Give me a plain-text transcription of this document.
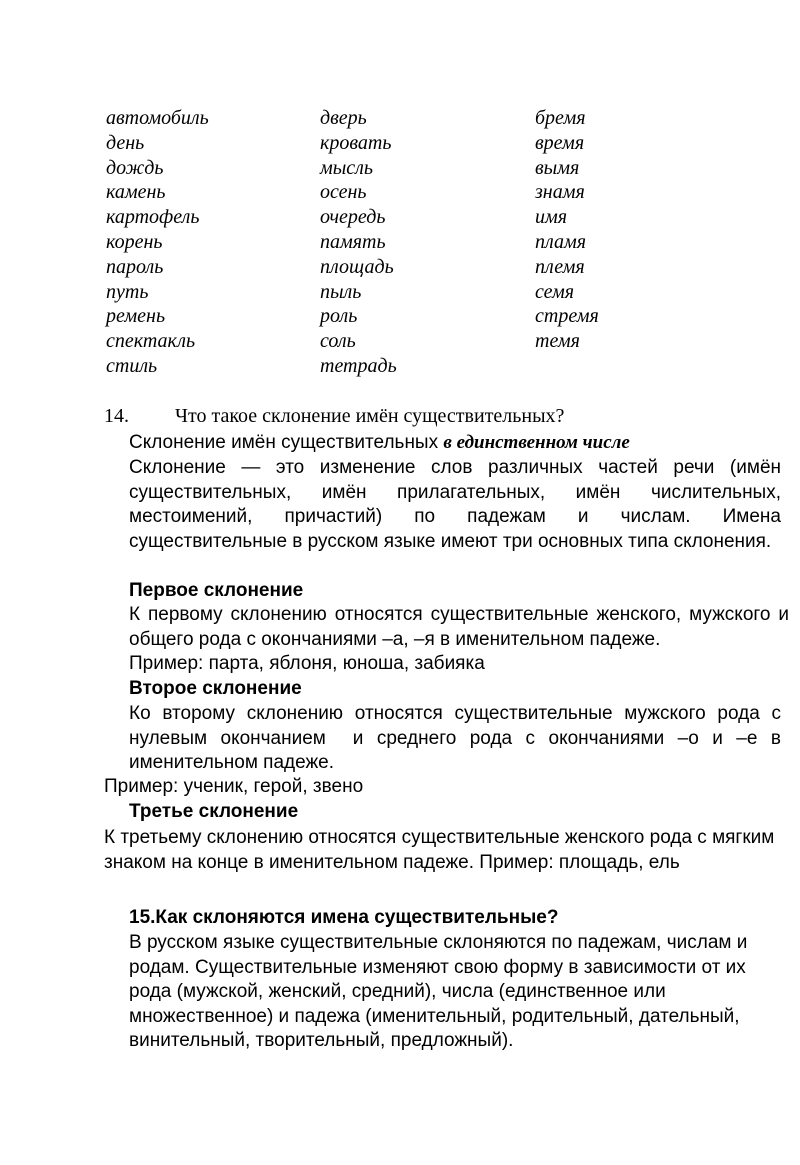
автомобиль
день
дождь
камень
картофель
корень
пароль
путь
ремень
спектакль
стиль
дверь
кровать
мысль
осень
очередь
память
площадь
пыль
роль
соль
тетрадь
бремя
время
вымя
знамя
имя
пламя
племя
семя
стремя
темя
14. Что такое склонение имён существительных?
Склонение имён существительных в единственном числе
Склонение — это изменение слов различных частей речи (имён существительных, имён прилагательных, имён числительных, местоимений, причастий) по падежам и числам. Имена существительные в русском языке имеют три основных типа склонения.
Первое склонение
К первому склонению относятся существительные женского, мужского и общего рода с окончаниями –а, –я в именительном падеже.
Пример: парта, яблоня, юноша, забияка
Второе склонение
Ко второму склонению относятся существительные мужского рода с нулевым окончанием  и среднего рода с окончаниями –о и –е в именительном падеже.
Пример: ученик, герой, звено
Третье склонение
К третьему склонению относятся существительные женского рода с мягким знаком на конце в именительном падеже. Пример: площадь, ель
15.Как склоняются имена существительные?
В русском языке существительные склоняются по падежам, числам и родам. Существительные изменяют свою форму в зависимости от их рода (мужской, женский, средний), числа (единственное или множественное) и падежа (именительный, родительный, дательный, винительный, творительный, предложный).
